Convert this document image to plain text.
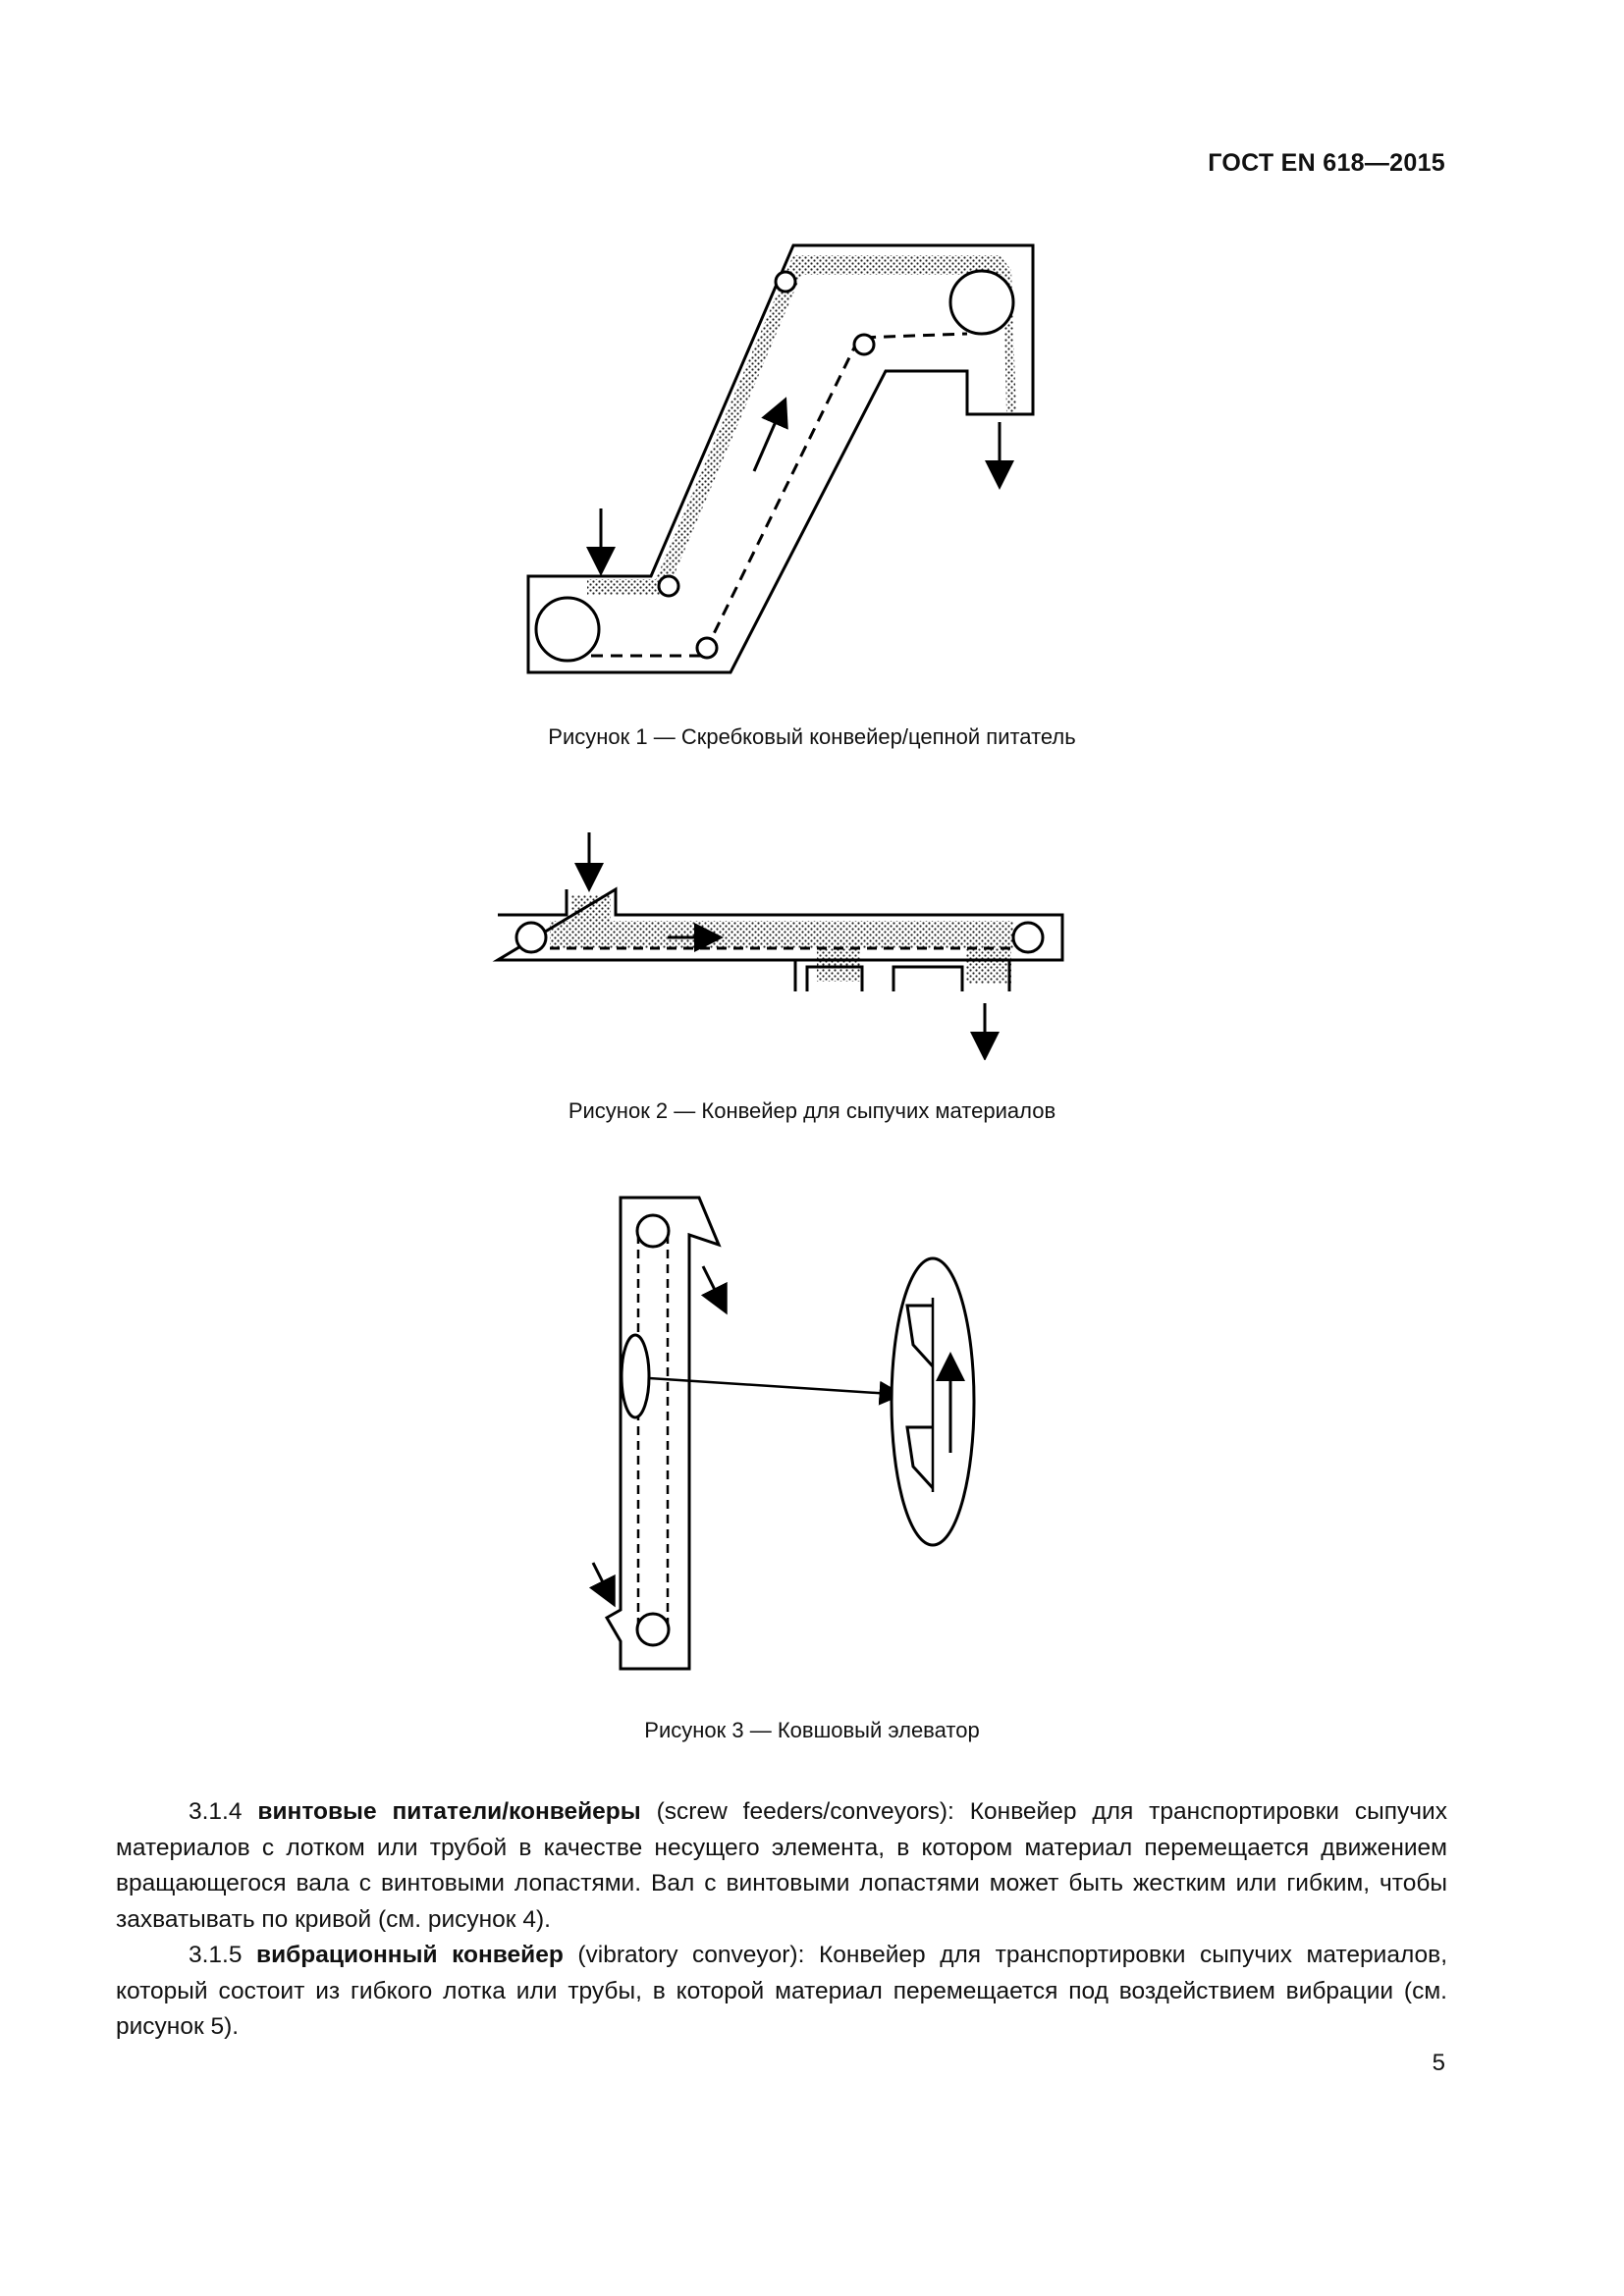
ГОСТ EN 618—2015
Рисунок 1 — Скребковый конвейер/цепной питатель
Рисунок 2 — Конвейер для сыпучих материалов
Рисунок 3 — Ковшовый элеватор

3.1.4 винтовые питатели/конвейеры (screw feeders/conveyors): Конвейер для транспортировки сыпучих материалов с лотком или трубой в качестве несущего элемента, в котором материал перемещается движением вращающегося вала с винтовыми лопастями. Вал с винтовыми лопастями может быть жестким или гибким, чтобы захватывать по кривой (см. рисунок 4).

3.1.5 вибрационный конвейер (vibratory conveyor): Конвейер для транспортировки сыпучих материалов, который состоит из гибкого лотка или трубы, в которой материал перемещается под воздействием вибрации (см. рисунок 5).

5
